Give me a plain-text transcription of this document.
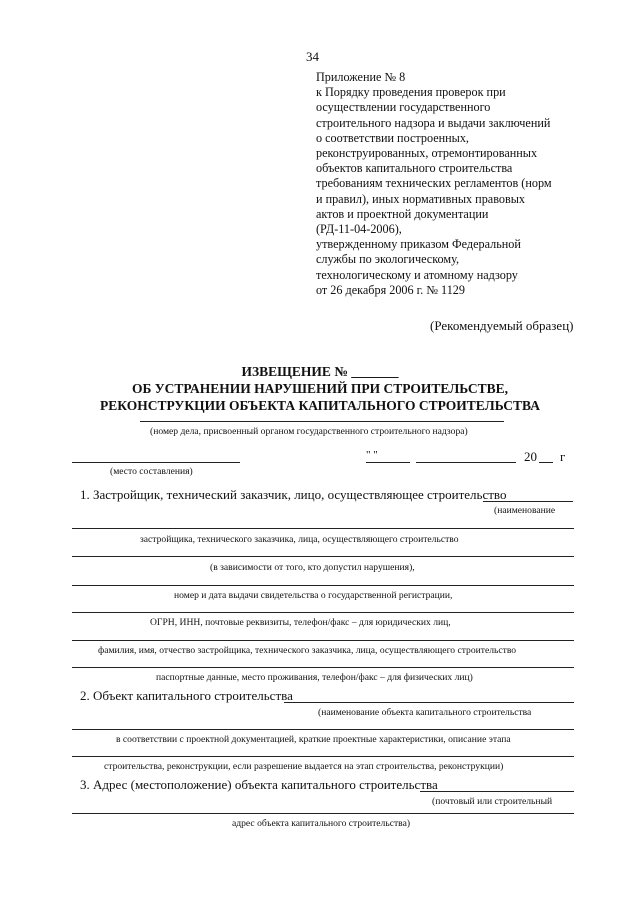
34
Приложение № 8
к Порядку проведения проверок при
осуществлении государственного
строительного надзора и выдачи заключений
о соответствии построенных,
реконструированных, отремонтированных
объектов капитального строительства
требованиям технических регламентов (норм
и правил), иных нормативных правовых
актов и проектной документации
(РД-11-04-2006),
утвержденному приказом Федеральной
службы по экологическому,
технологическому и атомному надзору
от 26 декабря 2006 г. № 1129
(Рекомендуемый образец)
ИЗВЕЩЕНИЕ № _______
ОБ УСТРАНЕНИИ НАРУШЕНИЙ ПРИ СТРОИТЕЛЬСТВЕ,
РЕКОНСТРУКЦИИ ОБЪЕКТА КАПИТАЛЬНОГО СТРОИТЕЛЬСТВА
(номер дела, присвоенный органом государственного строительного надзора)
(место составления)
" "	20 г
1. Застройщик, технический заказчик, лицо, осуществляющее строительство
(наименование
застройщика, технического заказчика, лица, осуществляющего строительство
(в зависимости от того, кто допустил нарушения),
номер и дата выдачи свидетельства о государственной регистрации,
ОГРН, ИНН, почтовые реквизиты, телефон/факс – для юридических лиц,
фамилия, имя, отчество застройщика, технического заказчика, лица, осуществляющего строительство
паспортные данные, место проживания, телефон/факс – для физических лиц)
2. Объект капитального строительства
(наименование объекта капитального строительства
в соответствии с проектной документацией, краткие проектные характеристики, описание этапа
строительства, реконструкции, если разрешение выдается на этап строительства, реконструкции)
3. Адрес (местоположение) объекта капитального строительства
(почтовый или строительный
адрес объекта капитального строительства)
